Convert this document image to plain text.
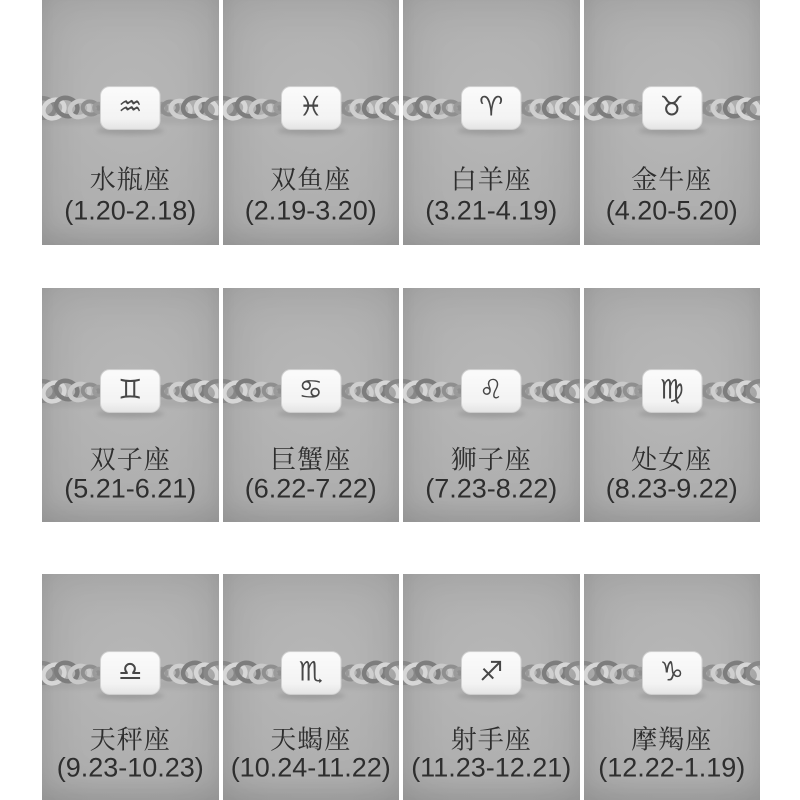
♒
水瓶座
(1.20-2.18)
♓
双鱼座
(2.19-3.20)
♈
白羊座
(3.21-4.19)
♉
金牛座
(4.20-5.20)
♊
双子座
(5.21-6.21)
♋
巨蟹座
(6.22-7.22)
♌
狮子座
(7.23-8.22)
♍
处女座
(8.23-9.22)
♎
天秤座
(9.23-10.23)
♏
天蝎座
(10.24-11.22)
♐
射手座
(11.23-12.21)
♑
摩羯座
(12.22-1.19)
